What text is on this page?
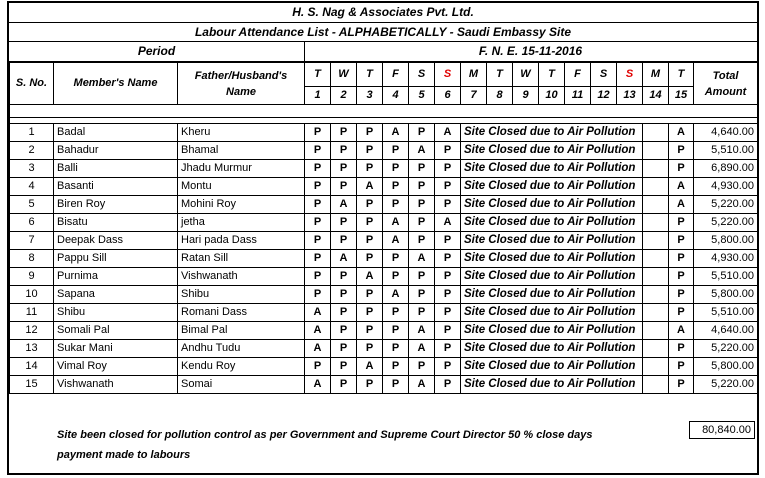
H. S. Nag & Associates Pvt. Ltd.
Labour Attendance List - ALPHABETICALLY - Saudi Embassy Site
Period	F. N. E. 15-11-2016
S. No.	Member's Name	Father/Husband's Name	T	W	T	F	S	S	M	T	W	T	F	S	S	M	T	Total Amount
			1	2	3	4	5	6	7	8	9	10	11	12	13	14	15	

1	Badal	Kheru	P	P	P	A	P	A	Site Closed due to Air Pollution								A	4,640.00
2	Bahadur	Bhamal	P	P	P	P	A	P	Site Closed due to Air Pollution								P	5,510.00
3	Balli	Jhadu Murmur	P	P	P	P	P	P	Site Closed due to Air Pollution								P	6,890.00
4	Basanti	Montu	P	P	A	P	P	P	Site Closed due to Air Pollution								A	4,930.00
5	Biren Roy	Mohini Roy	P	A	P	P	P	P	Site Closed due to Air Pollution								A	5,220.00
6	Bisatu	jetha	P	P	P	A	P	A	Site Closed due to Air Pollution								P	5,220.00
7	Deepak Dass	Hari pada Dass	P	P	P	A	P	P	Site Closed due to Air Pollution								P	5,800.00
8	Pappu Sill	Ratan Sill	P	A	P	P	A	P	Site Closed due to Air Pollution								P	4,930.00
9	Purnima	Vishwanath	P	P	A	P	P	P	Site Closed due to Air Pollution								P	5,510.00
10	Sapana	Shibu	P	P	P	A	P	P	Site Closed due to Air Pollution								P	5,800.00
11	Shibu	Romani Dass	A	P	P	P	P	P	Site Closed due to Air Pollution								P	5,510.00
12	Somali Pal	Bimal Pal	A	P	P	P	A	P	Site Closed due to Air Pollution								A	4,640.00
13	Sukar Mani	Andhu Tudu	A	P	P	P	A	P	Site Closed due to Air Pollution								P	5,220.00
14	Vimal Roy	Kendu Roy	P	P	A	P	P	P	Site Closed due to Air Pollution								P	5,800.00
15	Vishwanath	Somai	A	P	P	P	A	P	Site Closed due to Air Pollution								P	5,220.00
Site been closed for pollution control as per Government and Supreme Court Director 50 % close days
payment made to labours
80,840.00
